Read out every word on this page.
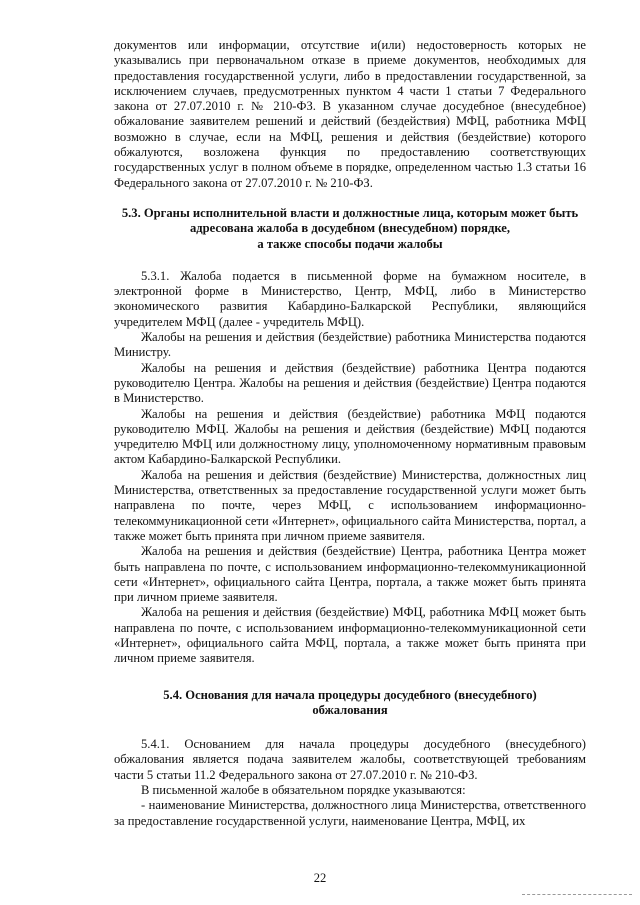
документов или информации, отсутствие и(или) недостоверность которых не указывались при первоначальном отказе в приеме документов, необходимых для предоставления государственной услуги, либо в предоставлении государственной, за исключением случаев, предусмотренных пунктом 4 части 1 статьи 7 Федерального закона от 27.07.2010 г. № 210-ФЗ. В указанном случае досудебное (внесудебное) обжалование заявителем решений и действий (бездействия) МФЦ, работника МФЦ возможно в случае, если на МФЦ, решения и действия (бездействие) которого обжалуются, возложена функция по предоставлению соответствующих государственных услуг в полном объеме в порядке, определенном частью 1.3 статьи 16 Федерального закона от 27.07.2010 г. № 210-ФЗ.

5.3. Органы исполнительной власти и должностные лица, которым может быть
адресована жалоба в досудебном (внесудебном) порядке,
а также способы подачи жалобы

5.3.1. Жалоба подается в письменной форме на бумажном носителе, в электронной форме в Министерство, Центр, МФЦ, либо в Министерство экономического развития Кабардино-Балкарской Республики, являющийся учредителем МФЦ (далее - учредитель МФЦ).

Жалобы на решения и действия (бездействие) работника Министерства подаются Министру.

Жалобы на решения и действия (бездействие) работника Центра подаются руководителю Центра. Жалобы на решения и действия (бездействие) Центра подаются в Министерство.

Жалобы на решения и действия (бездействие) работника МФЦ подаются руководителю МФЦ. Жалобы на решения и действия (бездействие) МФЦ подаются учредителю МФЦ или должностному лицу, уполномоченному нормативным правовым актом Кабардино-Балкарской Республики.

Жалоба на решения и действия (бездействие) Министерства, должностных лиц Министерства, ответственных за предоставление государственной услуги может быть направлена по почте, через МФЦ, с использованием информационно-телекоммуникационной сети «Интернет», официального сайта Министерства, портал, а также может быть принята при личном приеме заявителя.

Жалоба на решения и действия (бездействие) Центра, работника Центра может быть направлена по почте, с использованием информационно-телекоммуникационной сети «Интернет», официального сайта Центра, портала, а также может быть принята при личном приеме заявителя.

Жалоба на решения и действия (бездействие) МФЦ, работника МФЦ может быть направлена по почте, с использованием информационно-телекоммуникационной сети «Интернет», официального сайта МФЦ, портала, а также может быть принята при личном приеме заявителя.

5.4. Основания для начала процедуры досудебного (внесудебного)
обжалования

5.4.1. Основанием для начала процедуры досудебного (внесудебного) обжалования является подача заявителем жалобы, соответствующей требованиям части 5 статьи 11.2 Федерального закона от 27.07.2010 г. № 210-ФЗ.

В письменной жалобе в обязательном порядке указываются:

- наименование Министерства, должностного лица Министерства, ответственного за предоставление государственной услуги, наименование Центра, МФЦ, их

22
